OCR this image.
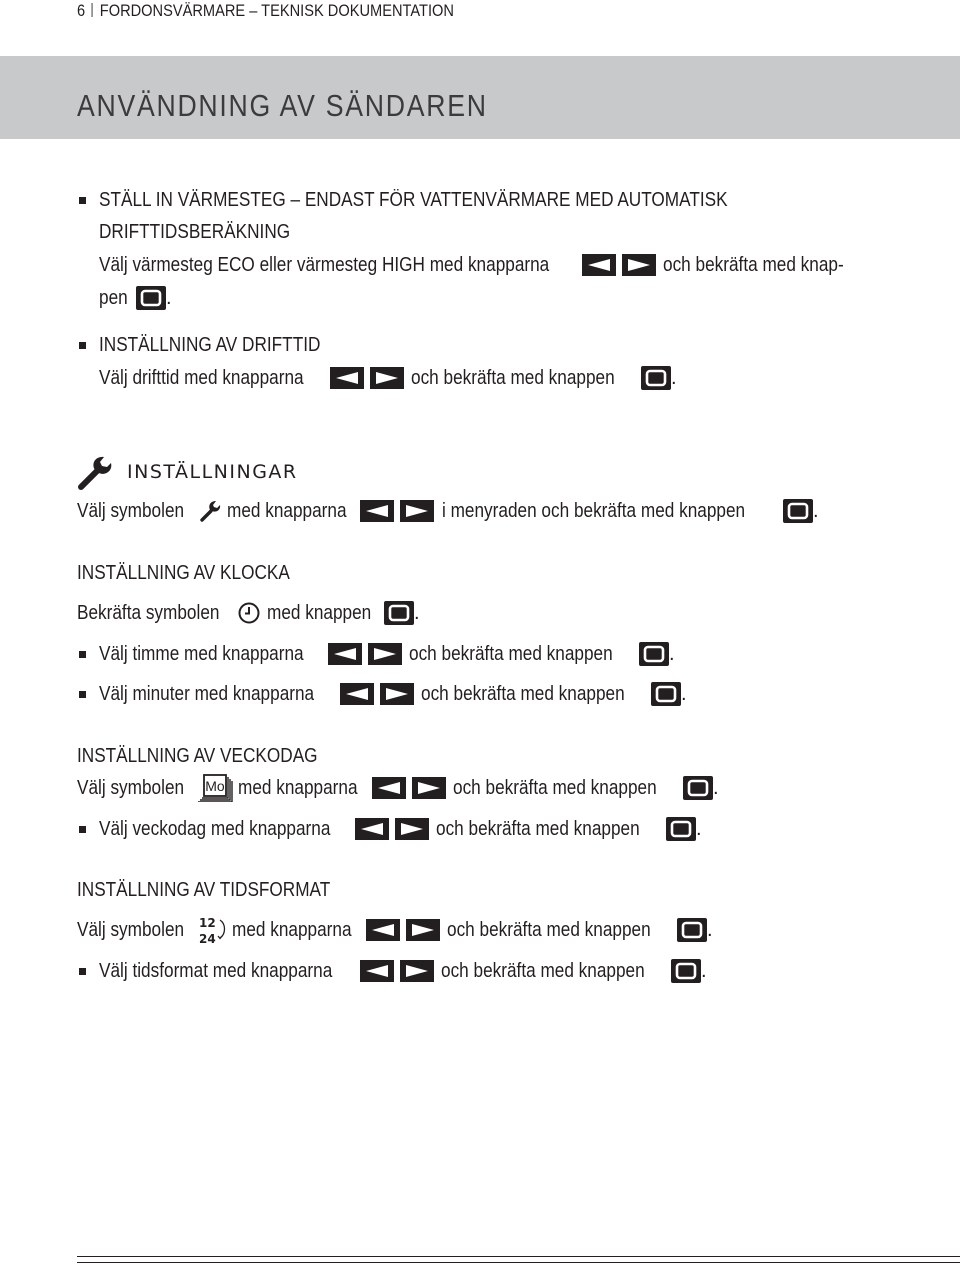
6 FORDONSVÄRMARE – TEKNISK DOKUMENTATION
ANVÄNDNING AV SÄNDAREN
STÄLL IN VÄRMESTEG – ENDAST FÖR VATTENVÄRMARE MED AUTOMATISK
DRIFTTIDSBERÄKNING
Välj värmesteg ECO eller värmesteg HIGH med knapparna	och bekräfta med knap-
pen .
INSTÄLLNING AV DRIFTTID
Välj drifttid med knapparna	och bekräfta med knappen	.
INSTÄLLNINGAR
Välj symbolen med knapparna	i menyraden och bekräfta med knappen	.
INSTÄLLNING AV KLOCKA
Bekräfta symbolen med knappen .
Välj timme med knapparna	och bekräfta med knappen	.
Välj minuter med knapparna	och bekräfta med knappen	.
INSTÄLLNING AV VECKODAG
Välj symbolen Mo med knapparna	och bekräfta med knappen	.
Välj veckodag med knapparna	och bekräfta med knappen	.
INSTÄLLNING AV TIDSFORMAT
Välj symbolen 12
24 med knapparna	och bekräfta med knappen	.
Välj tidsformat med knapparna	och bekräfta med knappen	.
